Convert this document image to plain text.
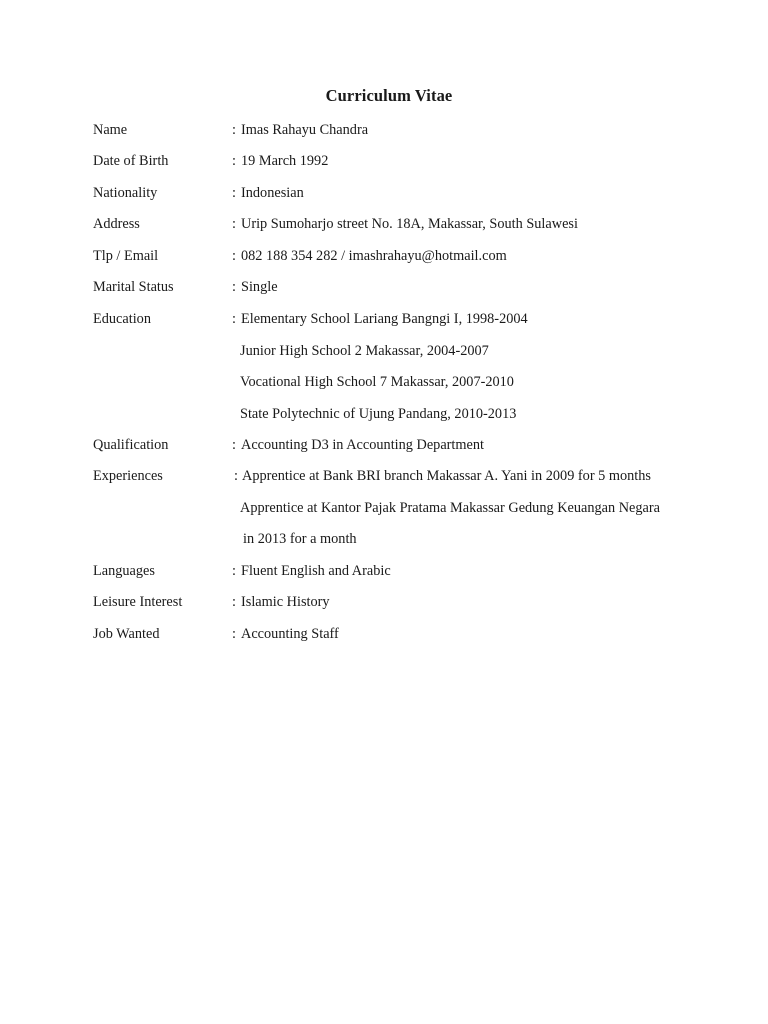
Curriculum Vitae
Name	: Imas Rahayu Chandra
Date of Birth	: 19 March 1992
Nationality	: Indonesian
Address	: Urip Sumoharjo street No. 18A, Makassar, South Sulawesi
Tlp / Email	: 082 188 354 282 / imashrahayu@hotmail.com
Marital Status	: Single
Education	: Elementary School Lariang Bangngi I, 1998-2004
Junior High School 2 Makassar, 2004-2007
Vocational High School 7 Makassar, 2007-2010
State Polytechnic of Ujung Pandang, 2010-2013
Qualification	: Accounting D3 in Accounting Department
Experiences	: Apprentice at Bank BRI branch Makassar A. Yani in 2009 for 5 months
Apprentice at Kantor Pajak Pratama Makassar Gedung Keuangan Negara
in 2013 for a month
Languages	: Fluent English and Arabic
Leisure Interest	: Islamic History
Job Wanted	: Accounting Staff
